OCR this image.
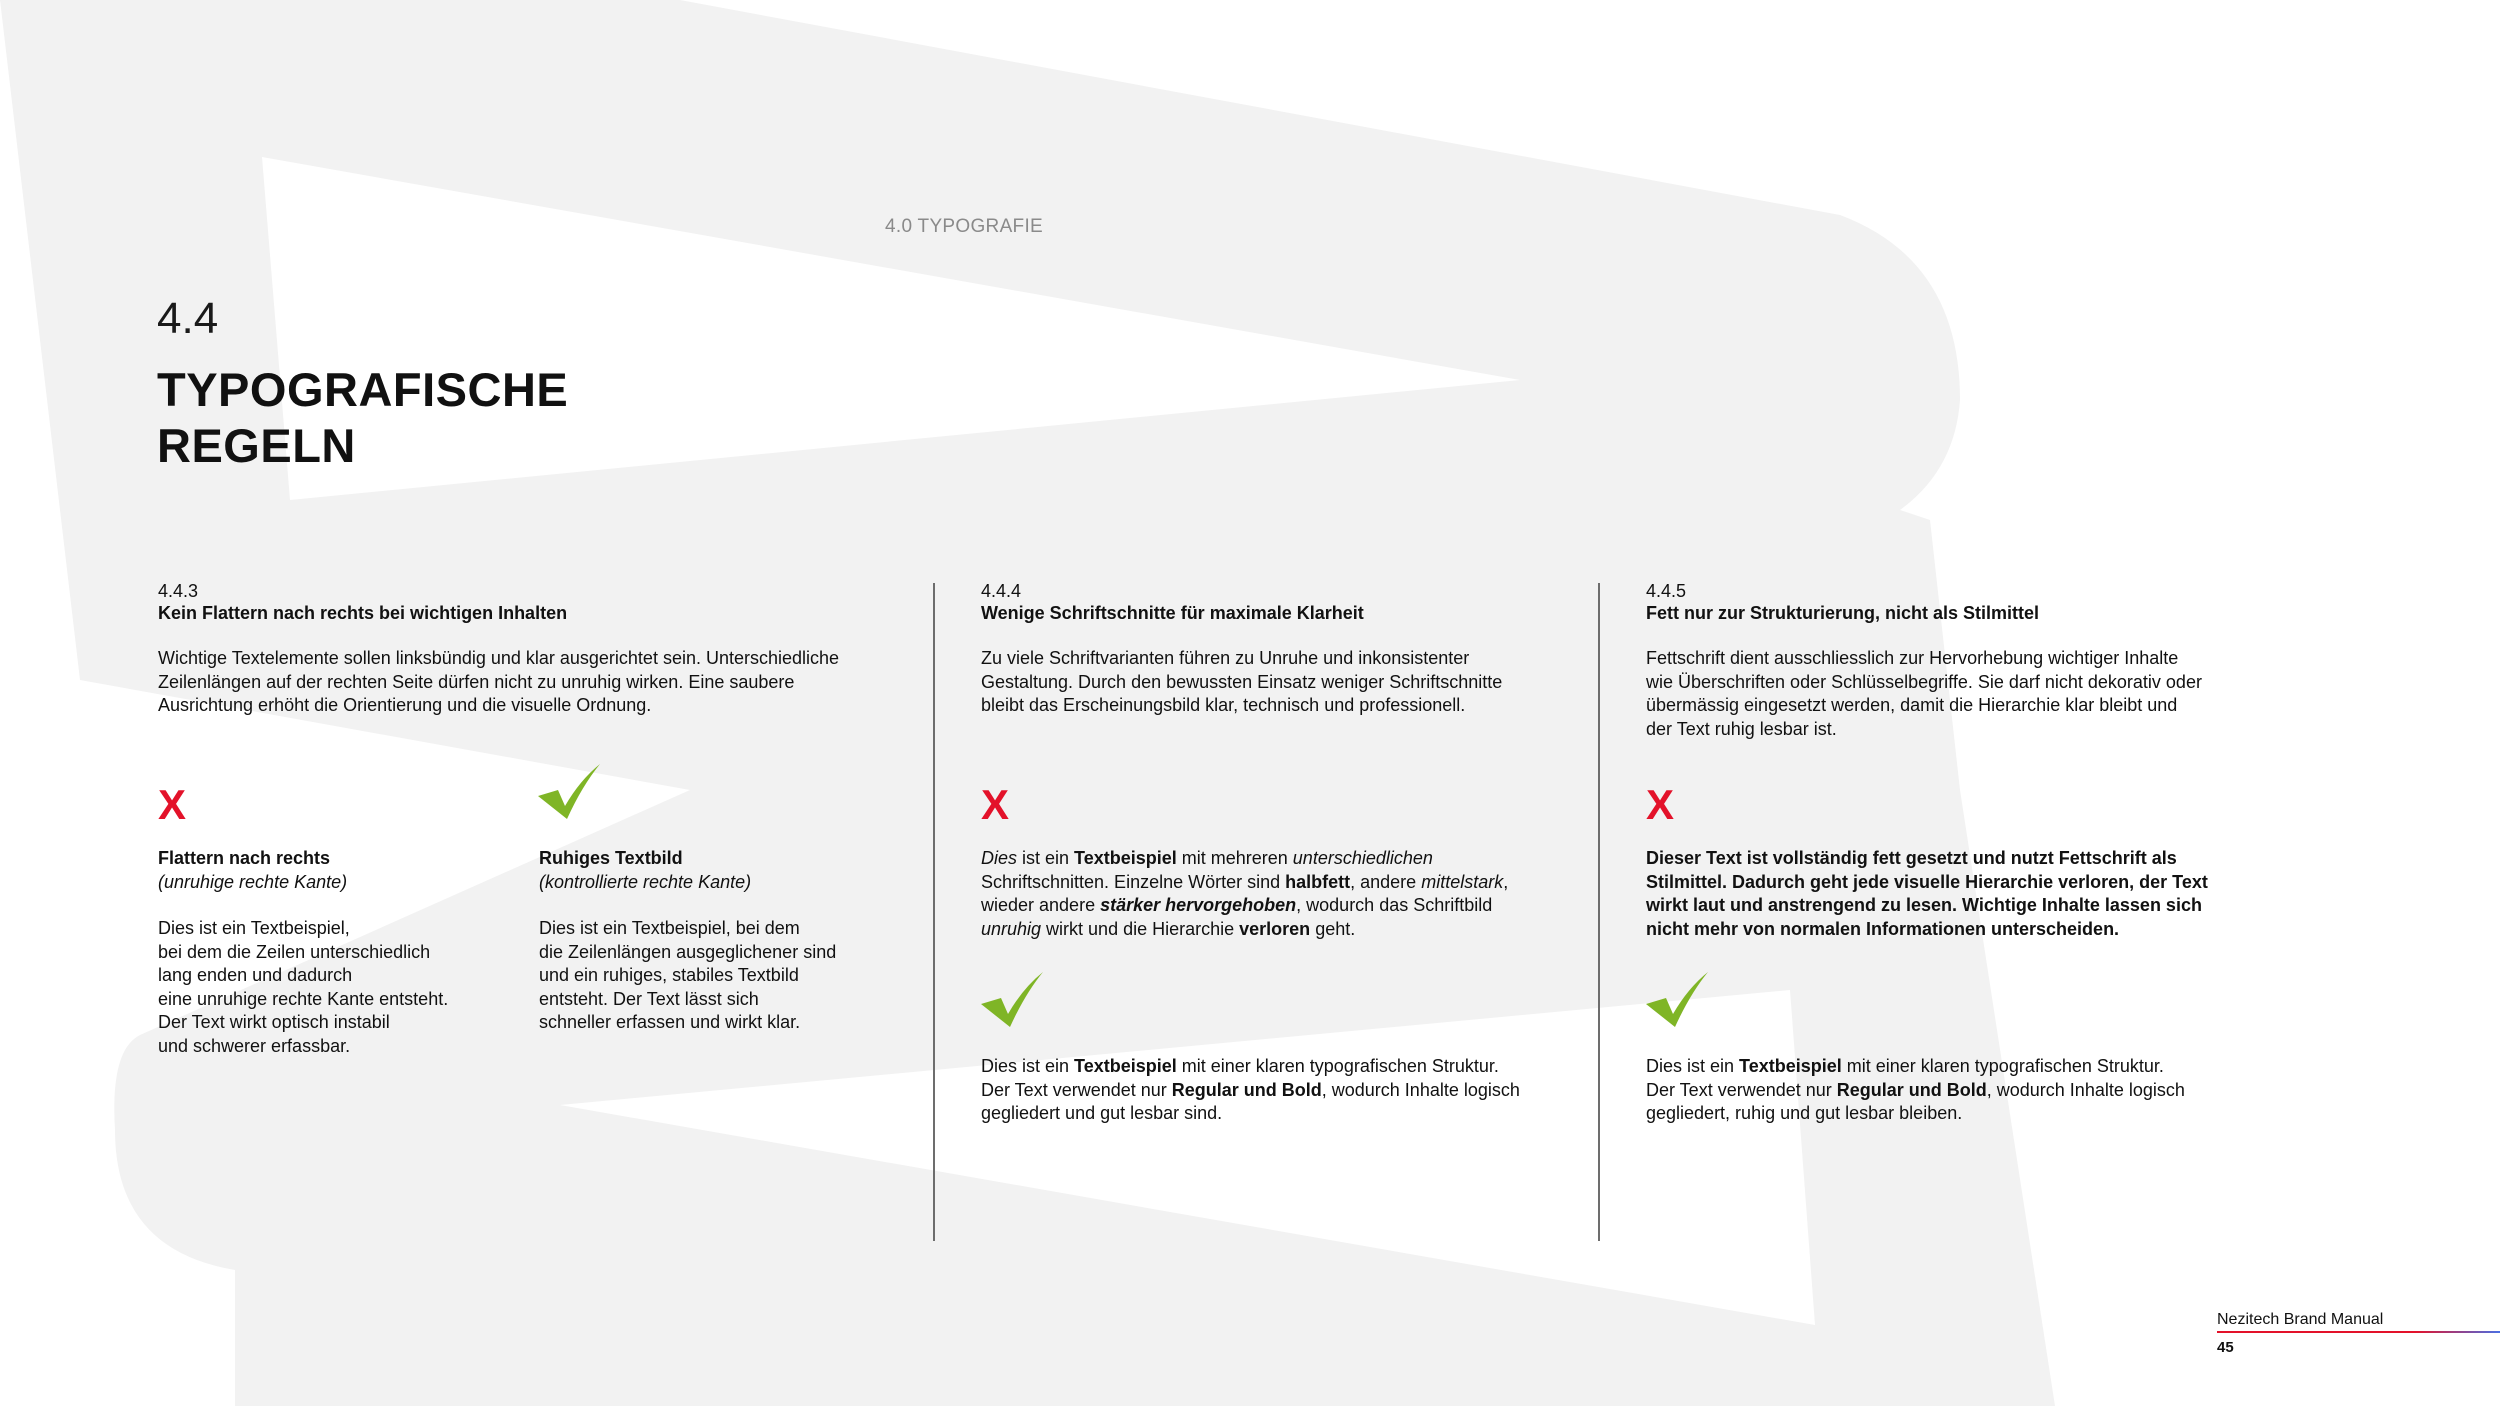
4.0 TYPOGRAFIE
4.4
TYPOGRAFISCHE
REGELN
4.4.3
Kein Flattern nach rechts bei wichtigen Inhalten
Wichtige Textelemente sollen linksbündig und klar ausgerichtet sein. Unterschiedliche
Zeilenlängen auf der rechten Seite dürfen nicht zu unruhig wirken. Eine saubere
Ausrichtung erhöht die Orientierung und die visuelle Ordnung.
X
Flattern nach rechts
(unruhige rechte Kante)
Dies ist ein Textbeispiel,
bei dem die Zeilen unterschiedlich
lang enden und dadurch
eine unruhige rechte Kante entsteht.
Der Text wirkt optisch instabil
und schwerer erfassbar.
Ruhiges Textbild
(kontrollierte rechte Kante)
Dies ist ein Textbeispiel, bei dem
die Zeilenlängen ausgeglichener sind
und ein ruhiges, stabiles Textbild
entsteht. Der Text lässt sich
schneller erfassen und wirkt klar.
4.4.4
Wenige Schriftschnitte für maximale Klarheit
Zu viele Schriftvarianten führen zu Unruhe und inkonsistenter
Gestaltung. Durch den bewussten Einsatz weniger Schriftschnitte
bleibt das Erscheinungsbild klar, technisch und professionell.
X
Dies ist ein Textbeispiel mit mehreren unterschiedlichen
Schriftschnitten. Einzelne Wörter sind halbfett, andere mittelstark,
wieder andere stärker hervorgehoben, wodurch das Schriftbild
unruhig wirkt und die Hierarchie verloren geht.
Dies ist ein Textbeispiel mit einer klaren typografischen Struktur.
Der Text verwendet nur Regular und Bold, wodurch Inhalte logisch
gegliedert und gut lesbar sind.
4.4.5
Fett nur zur Strukturierung, nicht als Stilmittel
Fettschrift dient ausschliesslich zur Hervorhebung wichtiger Inhalte
wie Überschriften oder Schlüsselbegriffe. Sie darf nicht dekorativ oder
übermässig eingesetzt werden, damit die Hierarchie klar bleibt und
der Text ruhig lesbar ist.
X
Dieser Text ist vollständig fett gesetzt und nutzt Fettschrift als
Stilmittel. Dadurch geht jede visuelle Hierarchie verloren, der Text
wirkt laut und anstrengend zu lesen. Wichtige Inhalte lassen sich
nicht mehr von normalen Informationen unterscheiden.
Dies ist ein Textbeispiel mit einer klaren typografischen Struktur.
Der Text verwendet nur Regular und Bold, wodurch Inhalte logisch
gegliedert, ruhig und gut lesbar bleiben.
Nezitech Brand Manual
45
